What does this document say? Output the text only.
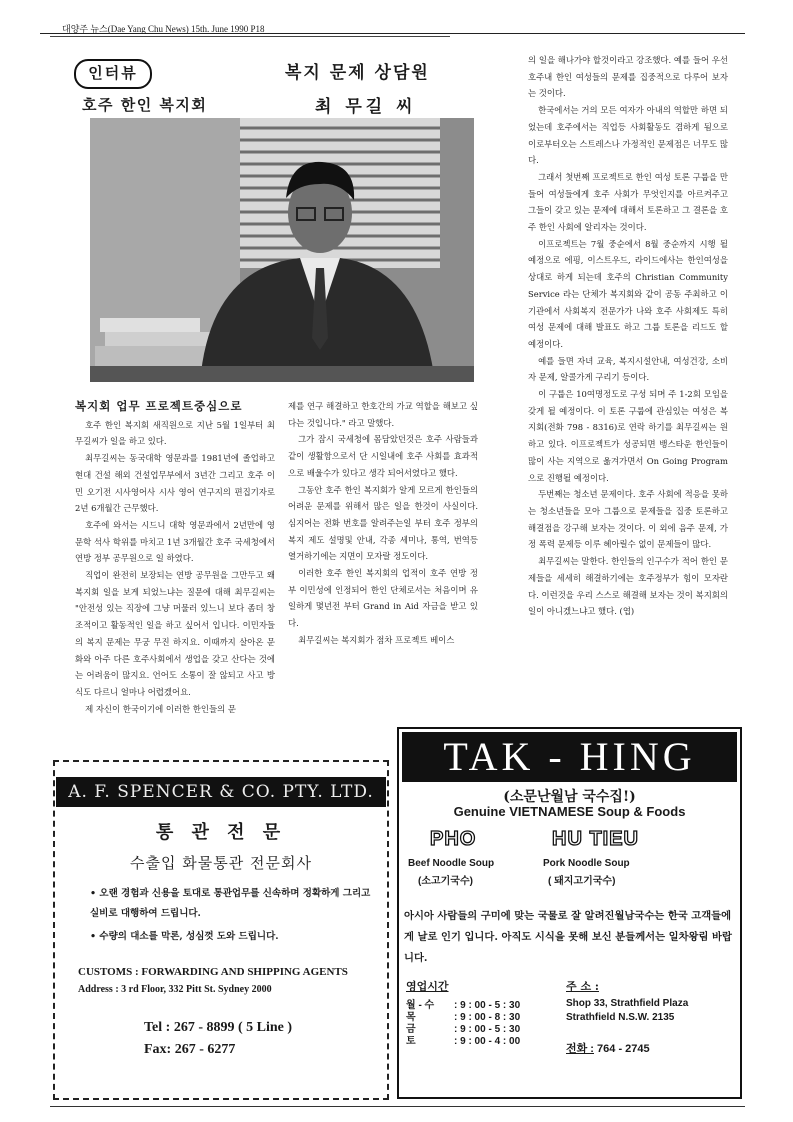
대양주 뉴스(Dae Yang Chu News) 15th. June 1990 P18
인터뷰
호주 한인 복지회
복지 문제 상담원
최 무길 씨
복지회 업무 프로젝트중심으로

호주 한인 복지회 새직원으로 지난 5월 1일부터 최무길씨가 일을 하고 있다.

최무길씨는 동국대학 영문과를 1981년에 졸업하고 현대 건설 해외 건설업무부에서 3년간 그리고 호주 이민 오기전 시사영어사 시사 영어 연구지의 편집기자로 2년 6개월간 근무했다.

호주에 와서는 시드니 대학 영문과에서 2년만에 영문학 석사 학위를 마치고 1년 3개월간 호주 국세청에서 연방 정부 공무원으로 일 하였다.

직업이 완전히 보장되는 연방 공무원을 그만두고 왜 복지회 일을 보게 되었느냐는 질문에 대해 최무길씨는 "안전성 있는 직장에 그냥 머물러 있느니 보다 좀더 창조적이고 활동적인 일을 하고 싶어서 입니다. 이민자들의 복지 문제는 무궁 무진 하지요. 이때까지 살아온 문화와 아주 다른 호주사회에서 생업을 갖고 산다는 것에는 어려움이 많지요. 언어도 소통이 잘 않되고 사고 방식도 다르니 얼마나 어렵겠어요.

제 자신이 한국이기에 이러한 한인들의 문

제를 연구 해결하고 한호간의 가교 역할을 해보고 싶다는 것입니다." 라고 말했다.

그가 잠시 국세청에 몸담았던것은 호주 사람들과 같이 생활함으로서 단 시일내에 호주 사회를 효과적으로 배울수가 있다고 생각 되어서였다고 했다.

그동안 호주 한인 복지회가 알게 모르게 한인들의 어려운 문제를 위해서 많은 일을 한것이 사실이다. 심지어는 전화 번호를 알려주는일 부터 호주 정부의 복지 제도 설명및 안내, 각종 세미나, 통역, 번역등 열거하기에는 지면이 모자랄 정도이다.

이러한 호주 한인 복지회의 업적이 호주 연방 정부 이민성에 인정되어 한인 단체로서는 처음이며 유일하게 몇년전 부터 Grand in Aid 자금을 받고 있다.

최무길씨는 복지회가 점차 프로젝트 베이스

의 일을 해나가야 할것이라고 강조했다. 예를 들어 우선 호주내 한인 여성들의 문제를 집중적으로 다루어 보자는 것이다.

한국에서는 거의 모든 여자가 아내의 역할만 하면 되었는데 호주에서는 직업등 사회활동도 겸하게 됨으로 이로부터오는 스트레스나 가정적인 문제점은 너무도 많다.

그래서 첫번째 프로젝트로 한인 여성 토론 구룹을 만들어 여성들에게 호주 사회가 무엇인지를 아르켜주고 그들이 갖고 있는 문제에 대해서 토론하고 그 결론을 호주 한인 사회에 알리자는 것이다.

이프로젝트는 7월 중순에서 8월 중순까지 시행 될 예정으로 에핑, 이스트우드, 라이드에사는 한인여성을 상대로 하게 되는데 호주의 Christian Community Service 라는 단체가 복지회와 같이 공동 주최하고 이 기관에서 사회복지 전문가가 나와 호주 사회제도 특히 여성 문제에 대해 발표도 하고 그룹 토론을 리드도 할 예정이다.

예를 들면 자녀 교육, 복지시설안내, 여성건강, 소비자 문제, 알콜가게 구리기 등이다.

이 구룹은 10여명정도로 구성 되며 주 1-2회 모임을 갖게 될 예정이다. 이 토론 구룹에 관심있는 여성은 복지회(전화 798 - 8316)로 연락 하기를 최무길씨는 원하고 있다. 이프로젝트가 성공되면 뱅스타운 한인들이 많이 사는 지역으로 옮겨가면서 On Going Program 으로 진행될 예정이다.

두번째는 청소년 문제이다. 호주 사회에 적응을 못하는 청소년들을 모아 그룹으로 문제들을 집중 토론하고 해결점을 강구해 보자는 것이다. 이 외에 음주 문제, 가정 폭력 문제등 이루 헤아릴수 없이 문제들이 많다.

최무길씨는 말한다. 한인들의 인구수가 적어 한인 문제들을 세세히 해결하기에는 호주정부가 힘이 모자란다. 이런것을 우리 스스로 해결해 보자는 것이 복지회의 일이 아니겠느냐고 했다. (엽)

A. F. SPENCER & CO. PTY. LTD.
통 관 전 문
수출입 화물통관 전문회사
• 오랜 경험과 신용을 토대로 통관업무를 신속하며 정확하게 그리고 실비로 대행하여 드립니다.
• 수량의 대소를 막론, 성심껏 도와 드립니다.
CUSTOMS : FORWARDING AND SHIPPING AGENTS
Address : 3 rd Floor, 332 Pitt St. Sydney 2000
Tel : 267 - 8899 ( 5 Line )
Fax: 267 - 6277
TAK - HING
(소문난월남 국수집!)
Genuine VIETNAMESE Soup & Foods
PHO
Beef Noodle Soup
(소고기국수)
HU TIEU
Pork Noodle Soup
( 돼지고기국수)
아시아 사람들의 구미에 맞는 국물로 잘 알려진월남국수는 한국 고객들에게 날로 인기 입니다. 아직도 시식을 못해 보신 분들께서는 일차왕림 바랍니다.
영업시간
월 - 수 : 9 : 00 - 5 : 30
목	: 9 : 00 - 8 : 30
금	: 9 : 00 - 5 : 30
토	: 9 : 00 - 4 : 00
주 소 :
Shop 33, Strathfield Plaza
Strathfield N.S.W. 2135
전화 : 764 - 2745
